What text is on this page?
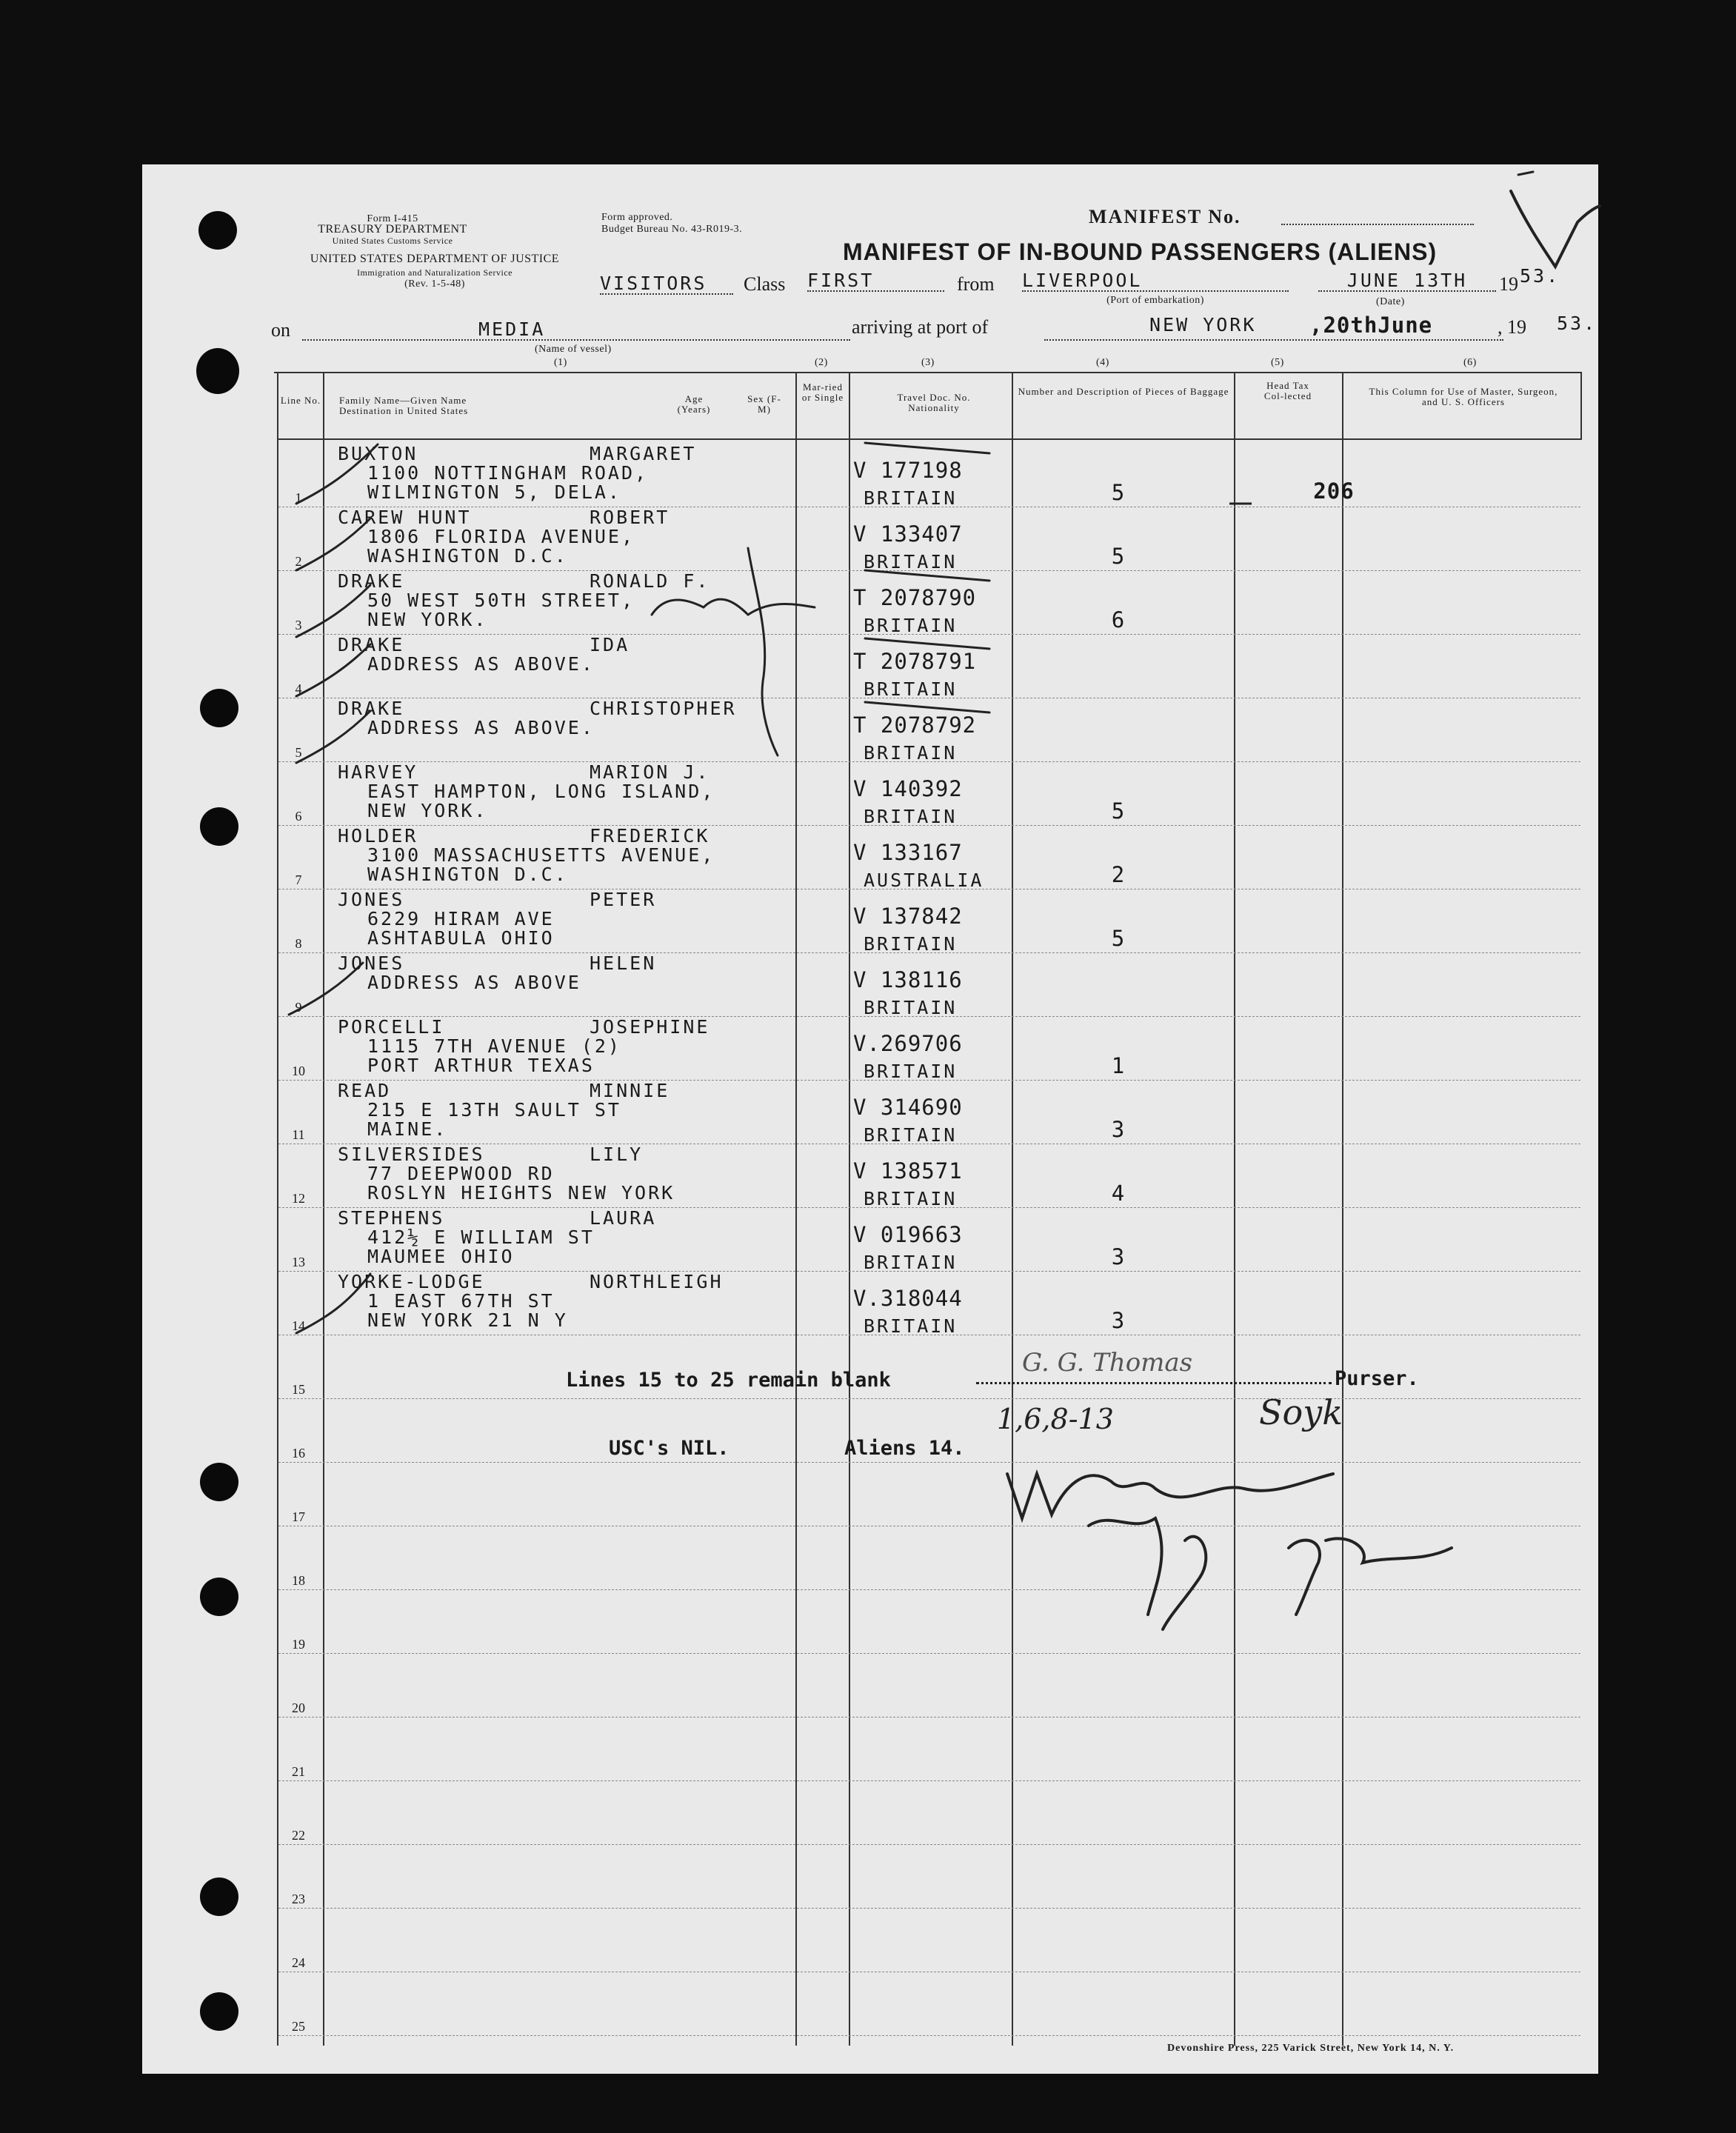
Form I-415
TREASURY DEPARTMENT
United States Customs Service
Form approved.
Budget Bureau No. 43-R019-3.
UNITED STATES DEPARTMENT OF JUSTICE
Immigration and Naturalization Service
(Rev. 1-5-48)
MANIFEST No.
MANIFEST OF IN-BOUND PASSENGERS (ALIENS)
VISITORS	Class FIRST	from LIVERPOOL
(Port of embarkation)
JUNE 13TH	19 53.
(Date)
on	MEDIA
(Name of vessel)
arriving at port of	NEW YORK ,20thJune	, 19 53.
(1)	(2)	(3)	(4)	(5)	(6)
Line No. Family Name—Given Name
Destination in United States
Age (Years)
Sex (F-M)
Mar-ried or Single	Travel Doc. No. Nationality
Number and Description of Pieces of Baggage
Head Tax Col-lected	This Column for Use of Master, Surgeon, and U. S. Officers
BUXTON	MARGARET
1100 NOTTINGHAM ROAD,
WILMINGTON 5, DELA.
V 177198
BRITAIN	5	206
1
CAREW HUNT	ROBERT
1806 FLORIDA AVENUE,
WASHINGTON D.C.
V 133407
BRITAIN	5
2
DRAKE	RONALD F.
50 WEST 50TH STREET,
NEW YORK.
T 2078790
BRITAIN	6
3
DRAKE	IDA
ADDRESS AS ABOVE.	T 2078791
BRITAIN
4
DRAKE	CHRISTOPHER
ADDRESS AS ABOVE.	T 2078792
BRITAIN
5
HARVEY	MARION J.
EAST HAMPTON, LONG ISLAND,
NEW YORK.
V 140392
BRITAIN	5
6
HOLDER	FREDERICK
3100 MASSACHUSETTS AVENUE,
WASHINGTON D.C.
V 133167
AUSTRALIA	2
7
JONES	PETER
6229 HIRAM AVE
ASHTABULA OHIO
V 137842
BRITAIN	5
8
JONES	HELEN
ADDRESS AS ABOVE	V 138116
BRITAIN
9
PORCELLI	JOSEPHINE
1115 7TH AVENUE (2)
PORT ARTHUR TEXAS
V.269706
BRITAIN	1
10
READ	MINNIE
215 E 13TH SAULT ST
MAINE.
V 314690
BRITAIN	3
11
SILVERSIDES	LILY
77 DEEPWOOD RD
ROSLYN HEIGHTS NEW YORK
V 138571
BRITAIN	4
12
STEPHENS	LAURA
412½ E WILLIAM ST
MAUMEE OHIO
V 019663
BRITAIN	3
13
YORKE-LODGE	NORTHLEIGH
1 EAST 67TH ST
NEW YORK 21 N Y
V.318044
BRITAIN	3
14
15
16
17
18
19
20
21
22
23
24
25
Lines 15 to 25 remain blank	Purser.
USC's NIL.	Aliens 14.
Devonshire Press, 225 Varick Street, New York 14, N. Y.
G. G. Thomas
1,6,8-13	Soyk
